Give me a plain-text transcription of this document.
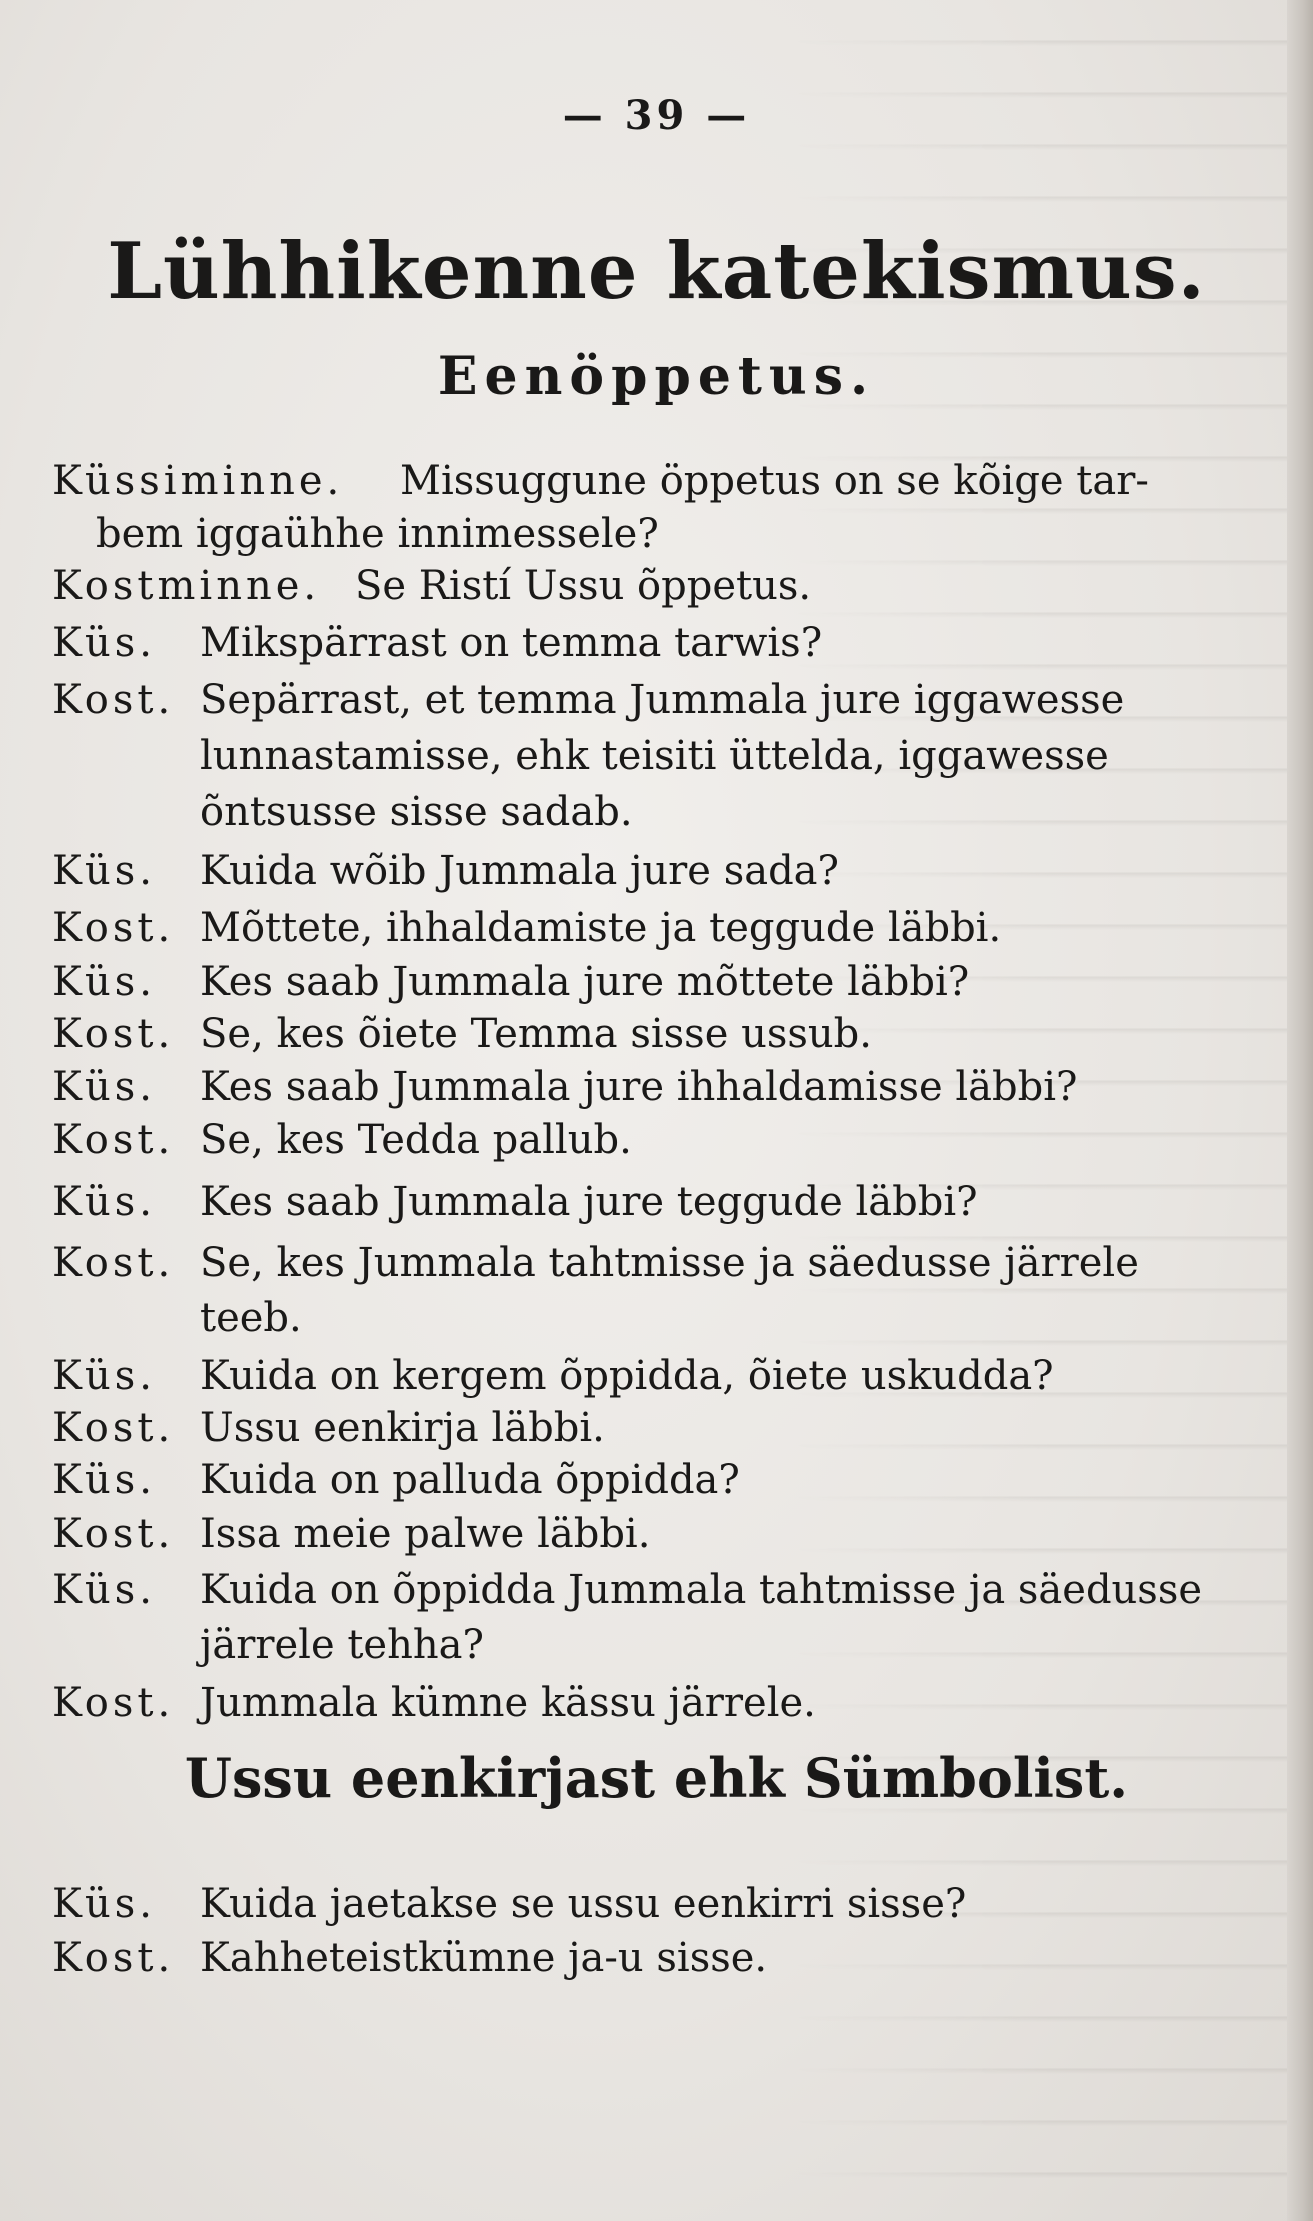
— 39 —
Lühhikenne katekismus.
Eenöppetus.
Küssiminne. Missuggune öppetus on se kõige tar-
bem iggaühhe innimessele?
Kostminne. Se Ristí Ussu õppetus.
Küs. Mikspärrast on temma tarwis?
Kost. Sepärrast, et temma Jummala jure iggawesse
lunnastamisse, ehk teisiti üttelda, iggawesse
õntsusse sisse sadab.
Küs. Kuida wõib Jummala jure sada?
Kost. Mõttete, ihhaldamiste ja teggude läbbi.
Küs. Kes saab Jummala jure mõttete läbbi?
Kost. Se, kes õiete Temma sisse ussub.
Küs. Kes saab Jummala jure ihhaldamisse läbbi?
Kost. Se, kes Tedda pallub.
Küs. Kes saab Jummala jure teggude läbbi?
Kost. Se, kes Jummala tahtmisse ja säedusse järrele
teeb.
Küs. Kuida on kergem õppidda, õiete uskudda?
Kost. Ussu eenkirja läbbi.
Küs. Kuida on palluda õppidda?
Kost. Issa meie palwe läbbi.
Küs. Kuida on õppidda Jummala tahtmisse ja säedusse
järrele tehha?
Kost. Jummala kümne kässu järrele.
Ussu eenkirjast ehk Sümbolist.
Küs. Kuida jaetakse se ussu eenkirri sisse?
Kost. Kahheteistkümne ja-u sisse.
